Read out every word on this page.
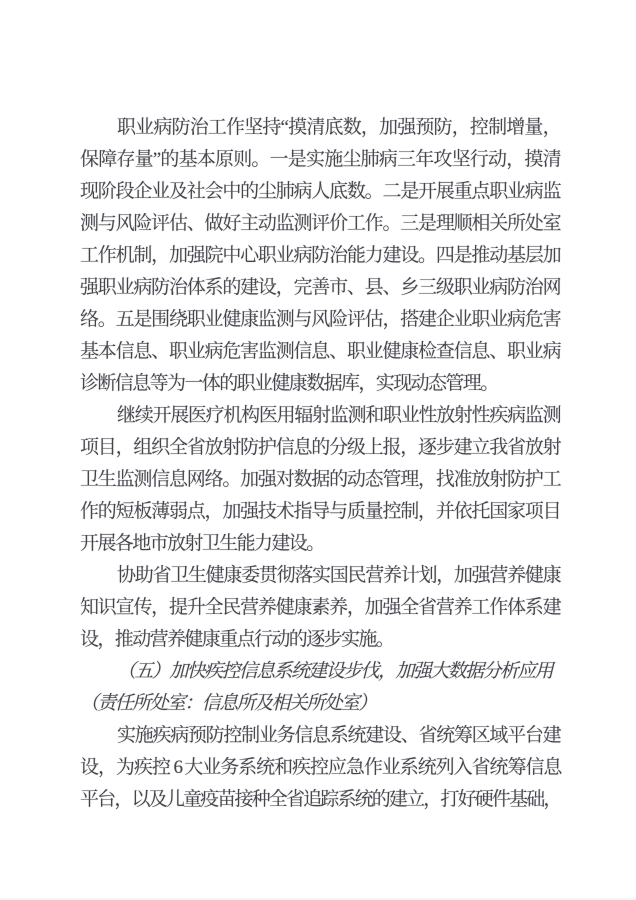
职业病防治工作坚持“摸清底数，加强预防，控制增量，
保障存量”的基本原则。一是实施尘肺病三年攻坚行动，摸清
现阶段企业及社会中的尘肺病人底数。二是开展重点职业病监
测与风险评估、做好主动监测评价工作。三是理顺相关所处室
工作机制，加强院中心职业病防治能力建设。四是推动基层加
强职业病防治体系的建设，完善市、县、乡三级职业病防治网
络。五是围绕职业健康监测与风险评估，搭建企业职业病危害
基本信息、职业病危害监测信息、职业健康检查信息、职业病
诊断信息等为一体的职业健康数据库，实现动态管理。
继续开展医疗机构医用辐射监测和职业性放射性疾病监测
项目，组织全省放射防护信息的分级上报，逐步建立我省放射
卫生监测信息网络。加强对数据的动态管理，找准放射防护工
作的短板薄弱点，加强技术指导与质量控制，并依托国家项目
开展各地市放射卫生能力建设。
协助省卫生健康委贯彻落实国民营养计划，加强营养健康
知识宣传，提升全民营养健康素养，加强全省营养工作体系建
设，推动营养健康重点行动的逐步实施。
（五）加快疾控信息系统建设步伐，加强大数据分析应用
（责任所处室：信息所及相关所处室）
实施疾病预防控制业务信息系统建设、省统筹区域平台建
设，为疾控 6 大业务系统和疾控应急作业系统列入省统筹信息
平台，以及儿童疫苗接种全省追踪系统的建立，打好硬件基础，
